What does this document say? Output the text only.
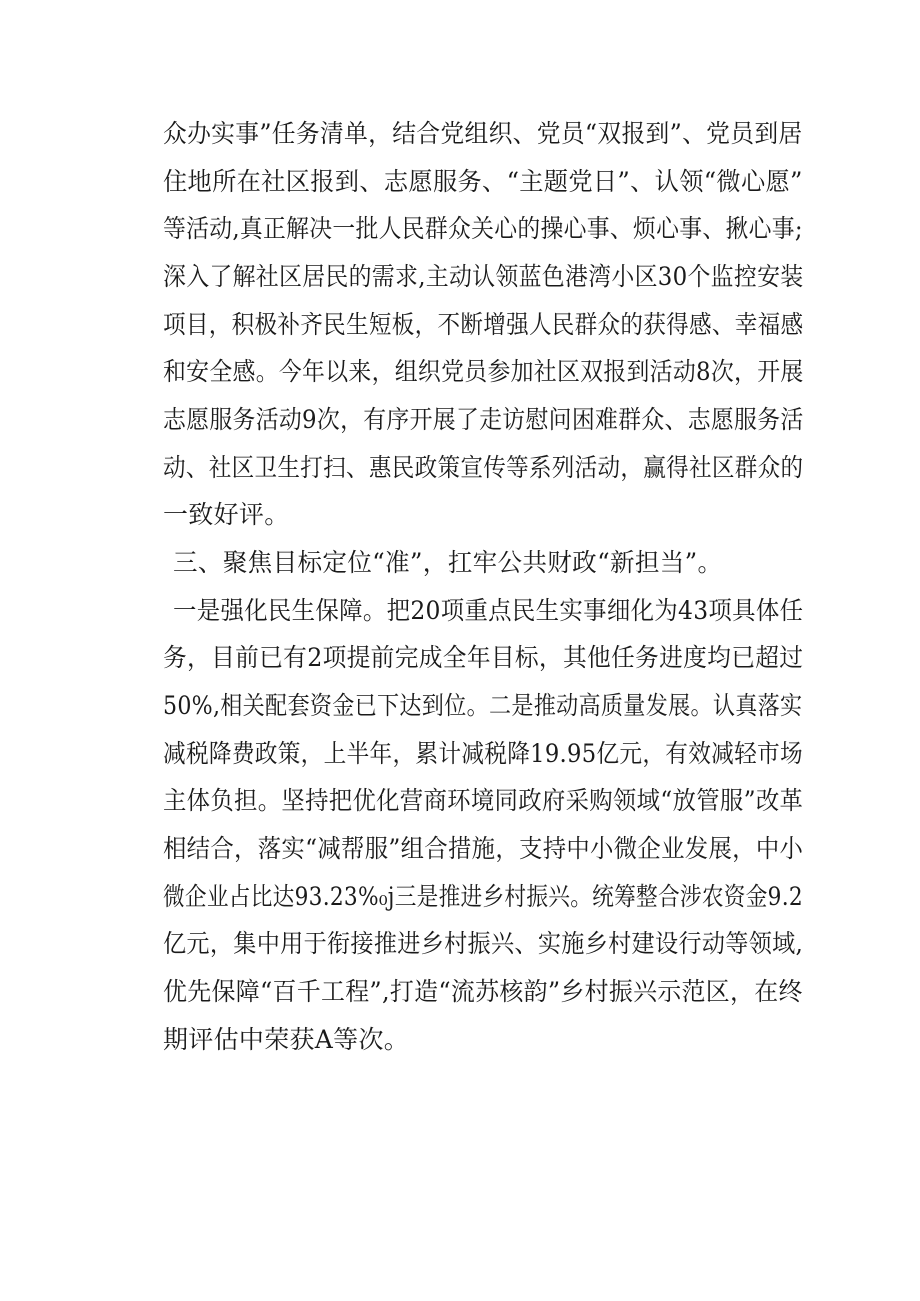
众办实事”任务清单，结合党组织、党员“双报到”、党员到居
住地所在社区报到、志愿服务、“主题党日”、认领“微心愿”
等活动,真正解决一批人民群众关心的操心事、烦心事、揪心事;
深入了解社区居民的需求,主动认领蓝色港湾小区30个监控安装
项目，积极补齐民生短板，不断增强人民群众的获得感、幸福感
和安全感。今年以来，组织党员参加社区双报到活动8次，开展
志愿服务活动9次，有序开展了走访慰问困难群众、志愿服务活
动、社区卫生打扫、惠民政策宣传等系列活动，赢得社区群众的
一致好评。
三、聚焦目标定位“准”，扛牢公共财政“新担当”。
一是强化民生保障。把20项重点民生实事细化为43项具体任
务，目前已有2项提前完成全年目标，其他任务进度均已超过
50%,相关配套资金已下达到位。二是推动高质量发展。认真落实
减税降费政策，上半年，累计减税降19.95亿元，有效减轻市场
主体负担。坚持把优化营商环境同政府采购领域“放管服”改革
相结合，落实“减帮服”组合措施，支持中小微企业发展，中小
微企业占比达93.23%₀j三是推进乡村振兴。统筹整合涉农资金9.2
亿元，集中用于衔接推进乡村振兴、实施乡村建设行动等领域,
优先保障“百千工程”,打造“流苏核韵”乡村振兴示范区，在终
期评估中荣获A等次。
